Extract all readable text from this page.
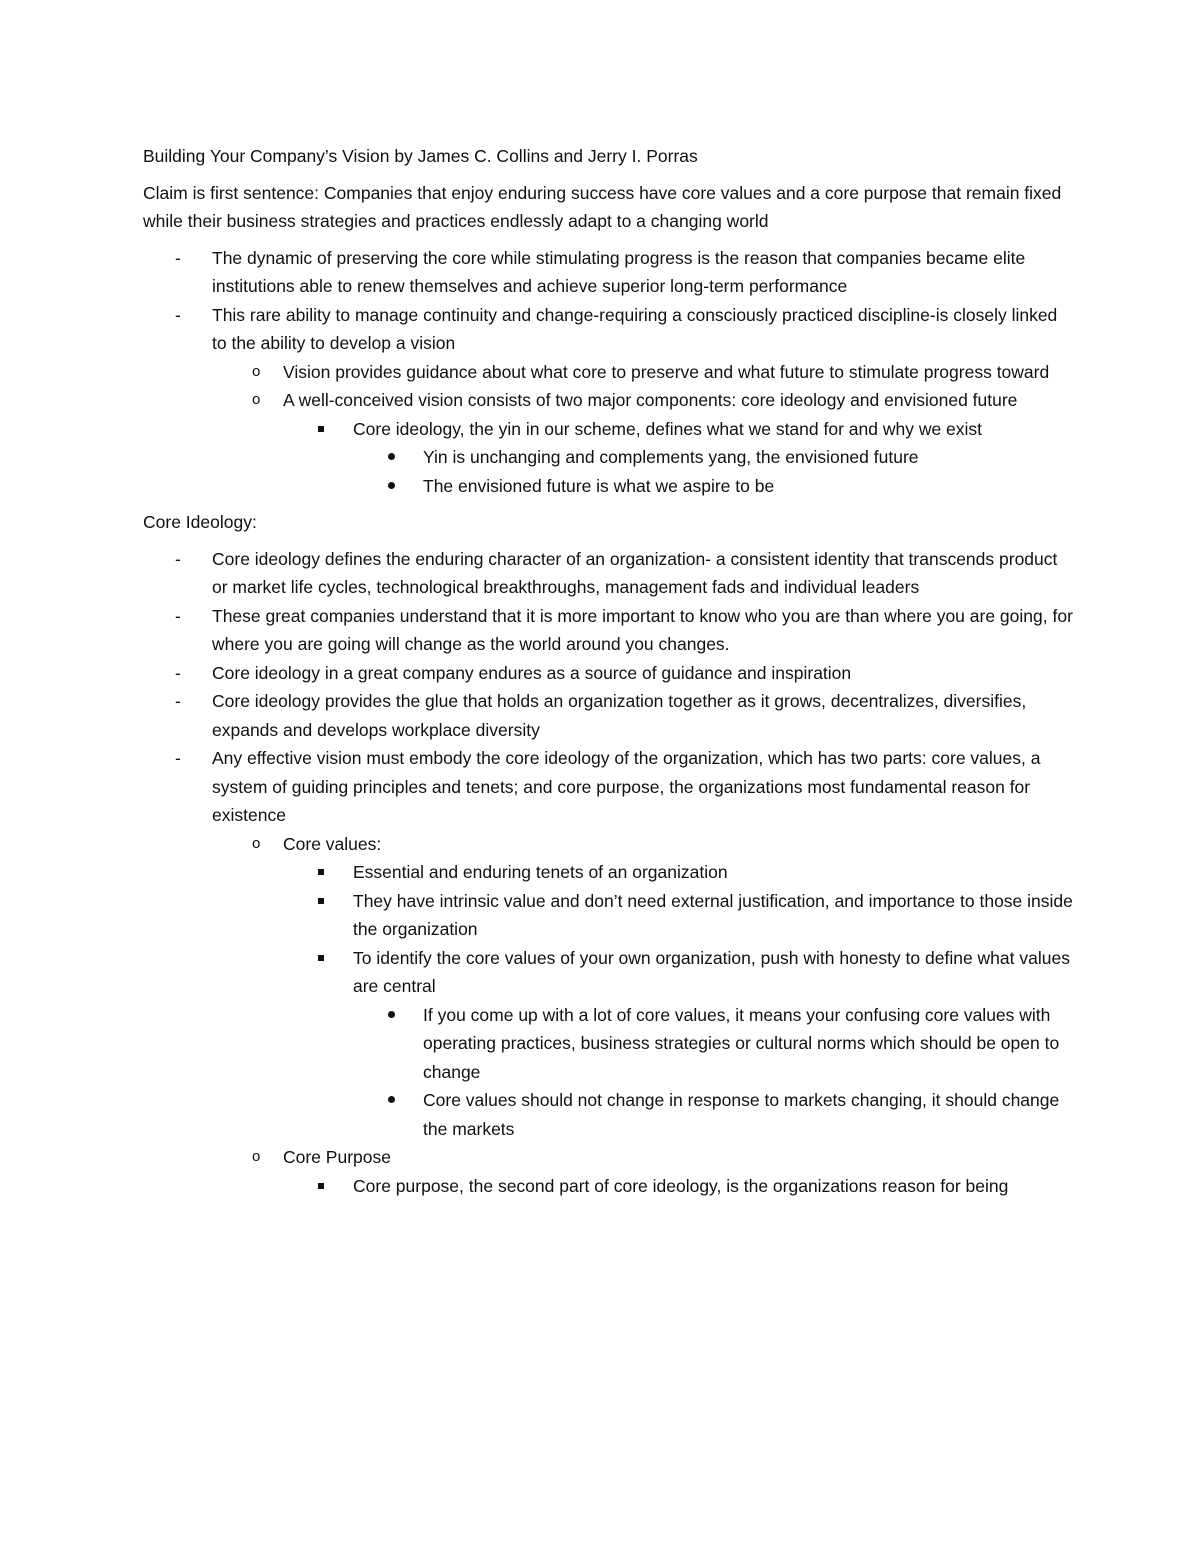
Building Your Company’s Vision by James C. Collins and Jerry I. Porras

Claim is first sentence: Companies that enjoy enduring success have core values and a core purpose that remain fixed while their business strategies and practices endlessly adapt to a changing world

-	The dynamic of preserving the core while stimulating progress is the reason that companies became elite institutions able to renew themselves and achieve superior long-term performance
-	This rare ability to manage continuity and change-requiring a consciously practiced discipline-is closely linked to the ability to develop a vision
o	Vision provides guidance about what core to preserve and what future to stimulate progress toward
o	A well-conceived vision consists of two major components: core ideology and envisioned future
Core ideology, the yin in our scheme, defines what we stand for and why we exist
Yin is unchanging and complements yang, the envisioned future
The envisioned future is what we aspire to be

Core Ideology:

-	Core ideology defines the enduring character of an organization- a consistent identity that transcends product or market life cycles, technological breakthroughs, management fads and individual leaders
-	These great companies understand that it is more important to know who you are than where you are going, for where you are going will change as the world around you changes.
-	Core ideology in a great company endures as a source of guidance and inspiration
-	Core ideology provides the glue that holds an organization together as it grows, decentralizes, diversifies, expands and develops workplace diversity
-	Any effective vision must embody the core ideology of the organization, which has two parts: core values, a system of guiding principles and tenets; and core purpose, the organizations most fundamental reason for existence
o	Core values:
Essential and enduring tenets of an organization
They have intrinsic value and don’t need external justification, and importance to those inside the organization
To identify the core values of your own organization, push with honesty to define what values are central
If you come up with a lot of core values, it means your confusing core values with operating practices, business strategies or cultural norms which should be open to change
Core values should not change in response to markets changing, it should change the markets
o	Core Purpose
Core purpose, the second part of core ideology, is the organizations reason for being
